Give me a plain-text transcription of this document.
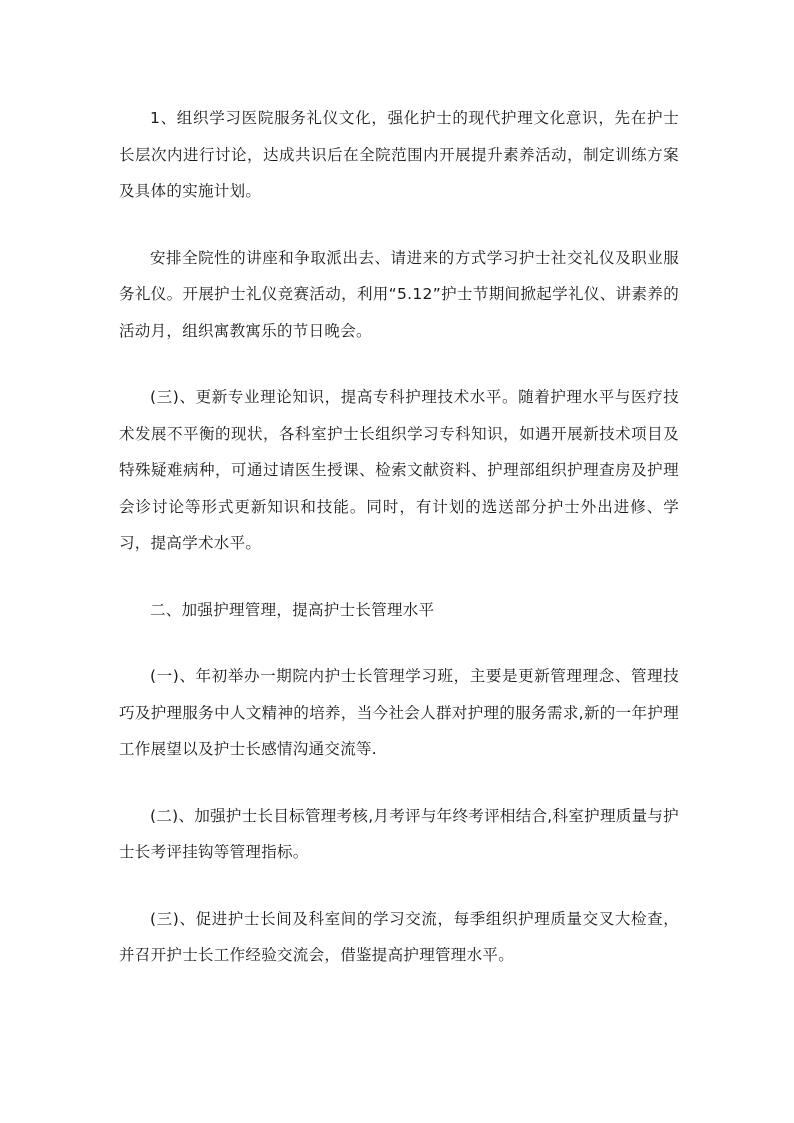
1、组织学习医院服务礼仪文化，强化护士的现代护理文化意识，先在护士长层次内进行讨论，达成共识后在全院范围内开展提升素养活动，制定训练方案及具体的实施计划。

安排全院性的讲座和争取派出去、请进来的方式学习护士社交礼仪及职业服务礼仪。开展护士礼仪竞赛活动，利用“5.12”护士节期间掀起学礼仪、讲素养的活动月，组织寓教寓乐的节日晚会。

(三)、更新专业理论知识，提高专科护理技术水平。随着护理水平与医疗技术发展不平衡的现状，各科室护士长组织学习专科知识，如遇开展新技术项目及特殊疑难病种，可通过请医生授课、检索文献资料、护理部组织护理查房及护理会诊讨论等形式更新知识和技能。同时，有计划的选送部分护士外出进修、学习，提高学术水平。

二、加强护理管理，提高护士长管理水平

(一)、年初举办一期院内护士长管理学习班，主要是更新管理理念、管理技巧及护理服务中人文精神的培养，当今社会人群对护理的服务需求,新的一年护理工作展望以及护士长感情沟通交流等.

(二)、加强护士长目标管理考核,月考评与年终考评相结合,科室护理质量与护士长考评挂钩等管理指标。

(三)、促进护士长间及科室间的学习交流，每季组织护理质量交叉大检查，并召开护士长工作经验交流会，借鉴提高护理管理水平。
